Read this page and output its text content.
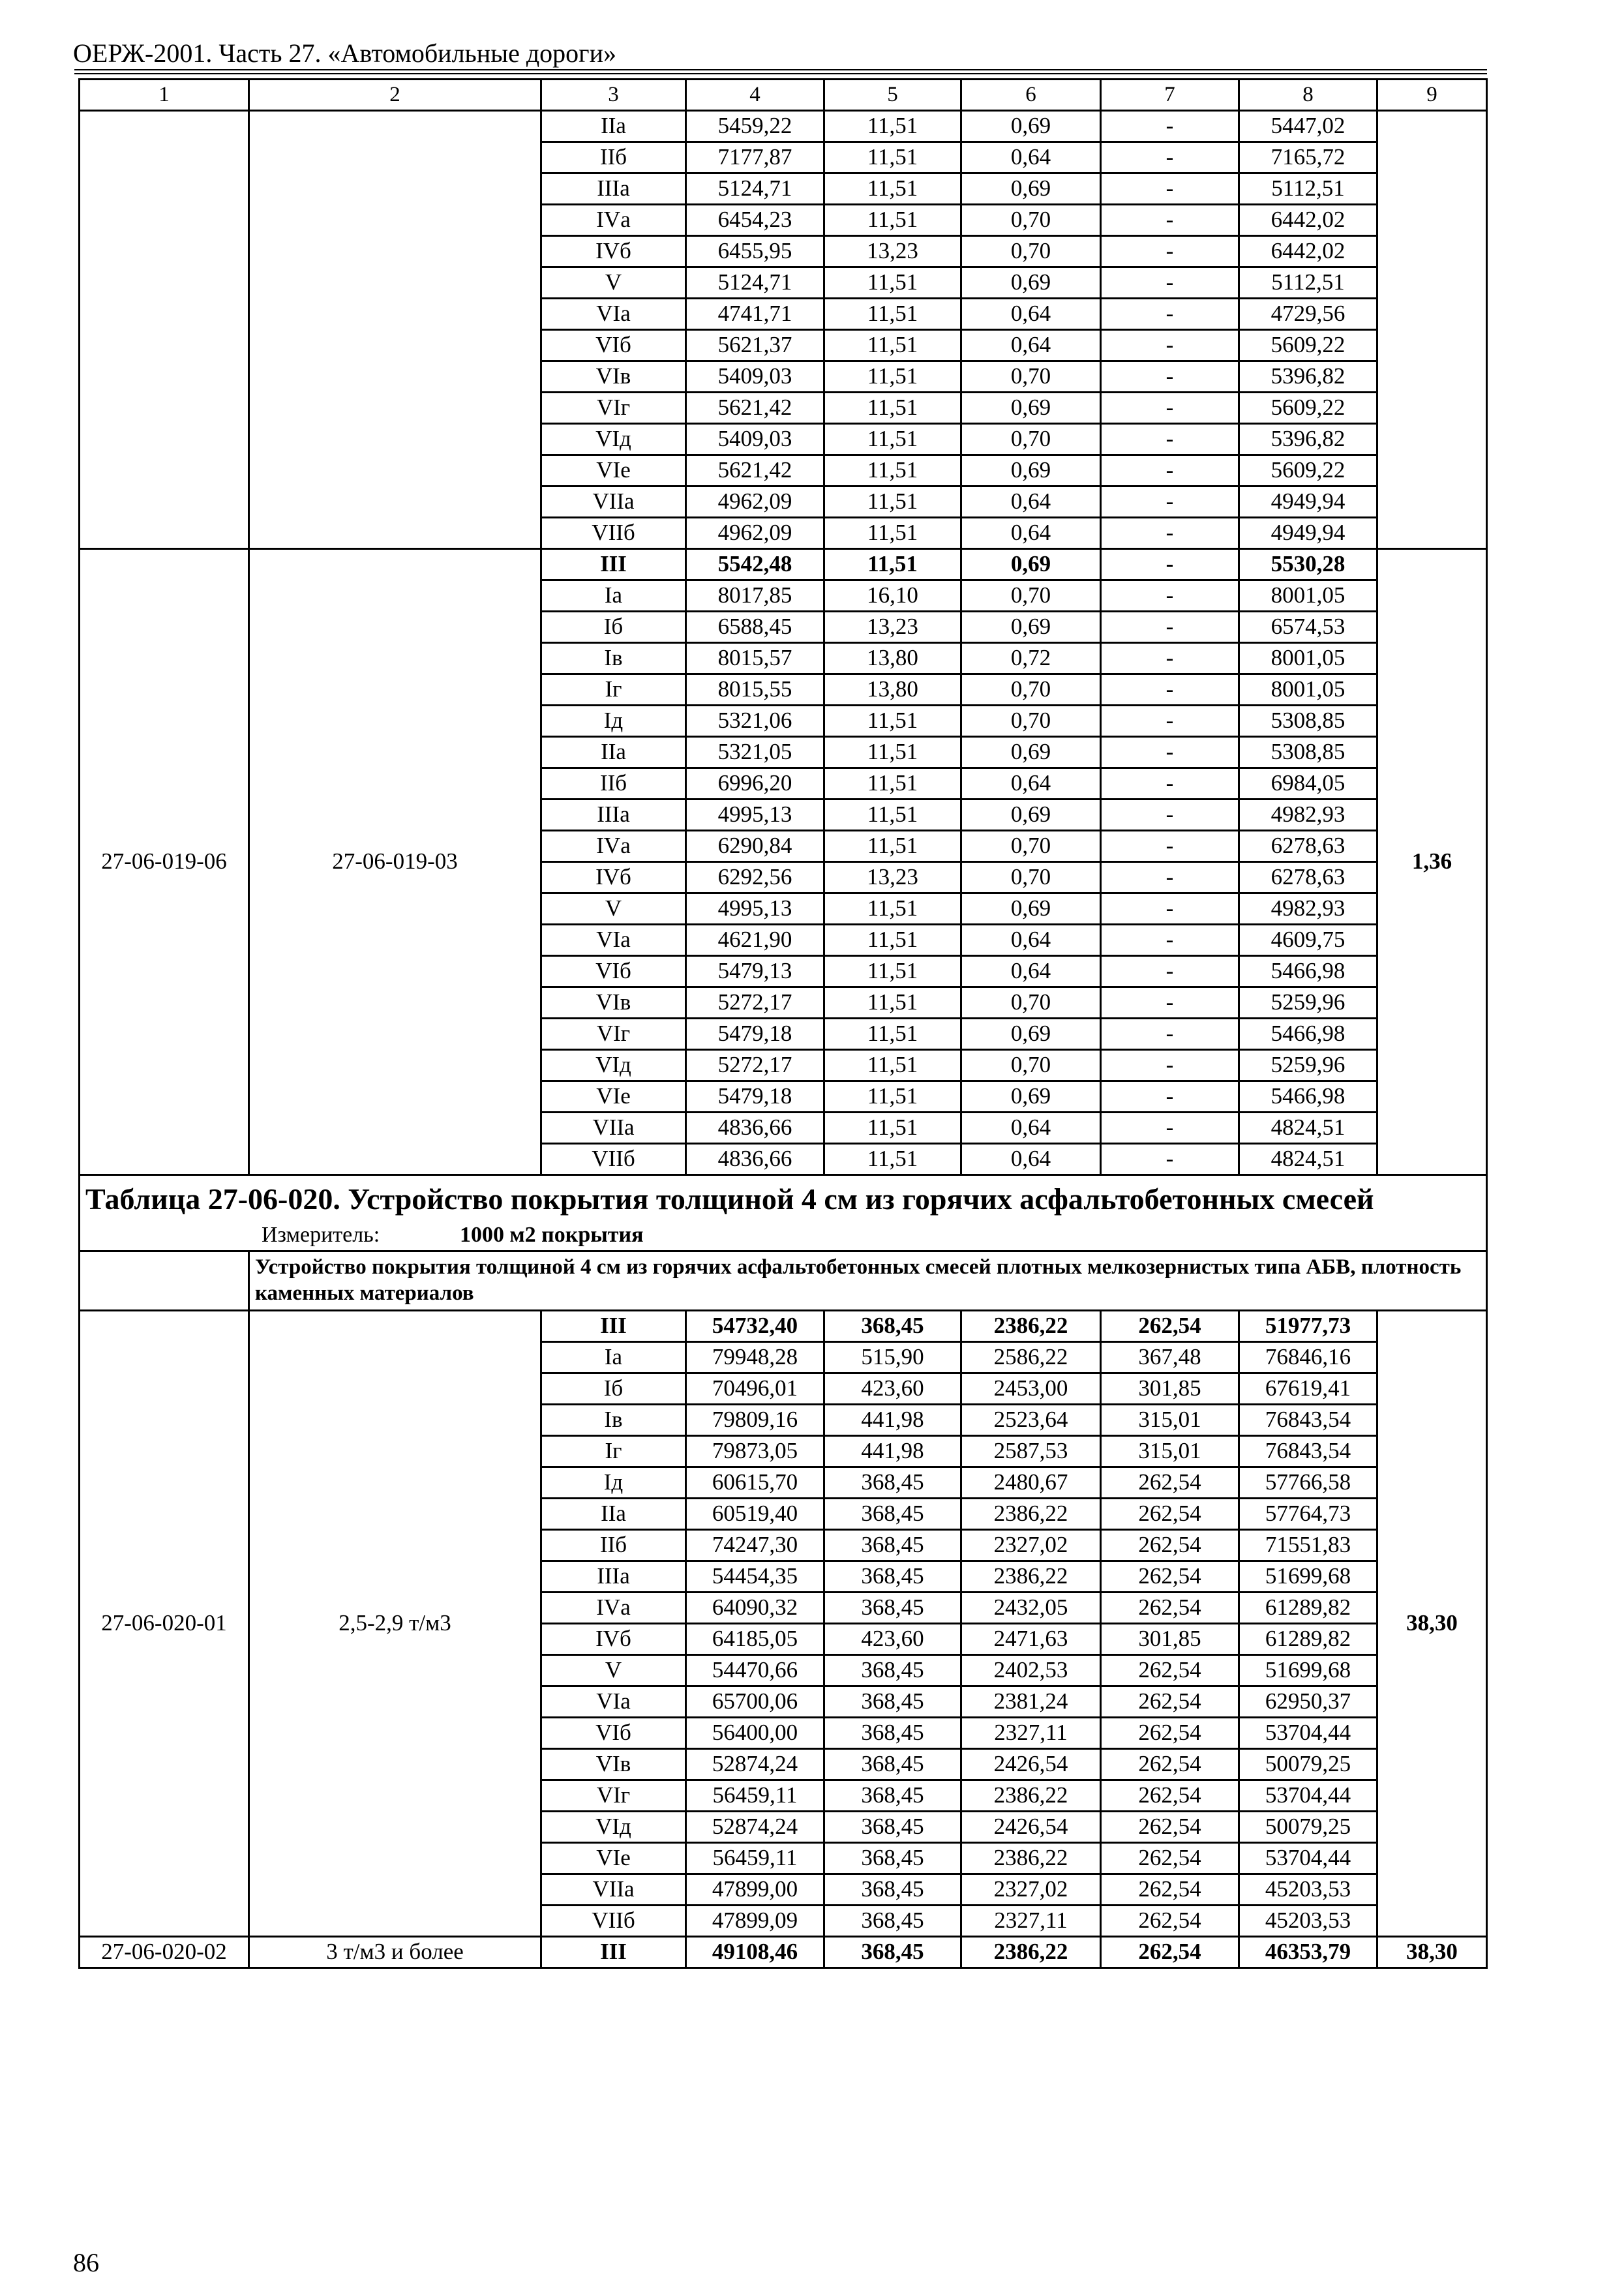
ОЕРЖ-2001. Часть 27. «Автомобильные дороги»
1	2	3	4	5	6	7	8	9
		IIа	5459,22	11,51	0,69	-	5447,02	
		IIб	7177,87	11,51	0,64	-	7165,72	
		IIIа	5124,71	11,51	0,69	-	5112,51	
		IVа	6454,23	11,51	0,70	-	6442,02	
		IVб	6455,95	13,23	0,70	-	6442,02	
		V	5124,71	11,51	0,69	-	5112,51	
		VIа	4741,71	11,51	0,64	-	4729,56	
		VIб	5621,37	11,51	0,64	-	5609,22	
		VIв	5409,03	11,51	0,70	-	5396,82	
		VIг	5621,42	11,51	0,69	-	5609,22	
		VIд	5409,03	11,51	0,70	-	5396,82	
		VIе	5621,42	11,51	0,69	-	5609,22	
		VIIа	4962,09	11,51	0,64	-	4949,94	
		VIIб	4962,09	11,51	0,64	-	4949,94	
27-06-019-06	27-06-019-03	III	5542,48	11,51	0,69	-	5530,28	1,36
		Iа	8017,85	16,10	0,70	-	8001,05	
		Iб	6588,45	13,23	0,69	-	6574,53	
		Iв	8015,57	13,80	0,72	-	8001,05	
		Iг	8015,55	13,80	0,70	-	8001,05	
		Iд	5321,06	11,51	0,70	-	5308,85	
		IIа	5321,05	11,51	0,69	-	5308,85	
		IIб	6996,20	11,51	0,64	-	6984,05	
		IIIа	4995,13	11,51	0,69	-	4982,93	
		IVа	6290,84	11,51	0,70	-	6278,63	
		IVб	6292,56	13,23	0,70	-	6278,63	
		V	4995,13	11,51	0,69	-	4982,93	
		VIа	4621,90	11,51	0,64	-	4609,75	
		VIб	5479,13	11,51	0,64	-	5466,98	
		VIв	5272,17	11,51	0,70	-	5259,96	
		VIг	5479,18	11,51	0,69	-	5466,98	
		VIд	5272,17	11,51	0,70	-	5259,96	
		VIе	5479,18	11,51	0,69	-	5466,98	
		VIIа	4836,66	11,51	0,64	-	4824,51	
		VIIб	4836,66	11,51	0,64	-	4824,51	

Таблица 27-06-020. Устройство покрытия толщиной 4 см из горячих асфальтобетонных смесей
Измеритель: 1000 м2 покрытия								

	Устройство покрытия толщиной 4 см из горячих асфальтобетонных смесей плотных мелкозернистых типа АБВ, плотность каменных материалов							
27-06-020-01	2,5-2,9 т/м3	III	54732,40	368,45	2386,22	262,54	51977,73	38,30
		Iа	79948,28	515,90	2586,22	367,48	76846,16	
		Iб	70496,01	423,60	2453,00	301,85	67619,41	
		Iв	79809,16	441,98	2523,64	315,01	76843,54	
		Iг	79873,05	441,98	2587,53	315,01	76843,54	
		Iд	60615,70	368,45	2480,67	262,54	57766,58	
		IIа	60519,40	368,45	2386,22	262,54	57764,73	
		IIб	74247,30	368,45	2327,02	262,54	71551,83	
		IIIа	54454,35	368,45	2386,22	262,54	51699,68	
		IVа	64090,32	368,45	2432,05	262,54	61289,82	
		IVб	64185,05	423,60	2471,63	301,85	61289,82	
		V	54470,66	368,45	2402,53	262,54	51699,68	
		VIа	65700,06	368,45	2381,24	262,54	62950,37	
		VIб	56400,00	368,45	2327,11	262,54	53704,44	
		VIв	52874,24	368,45	2426,54	262,54	50079,25	
		VIг	56459,11	368,45	2386,22	262,54	53704,44	
		VIд	52874,24	368,45	2426,54	262,54	50079,25	
		VIе	56459,11	368,45	2386,22	262,54	53704,44	
		VIIа	47899,00	368,45	2327,02	262,54	45203,53	
		VIIб	47899,09	368,45	2327,11	262,54	45203,53	
27-06-020-02	3 т/м3 и более	III	49108,46	368,45	2386,22	262,54	46353,79	38,30
86
